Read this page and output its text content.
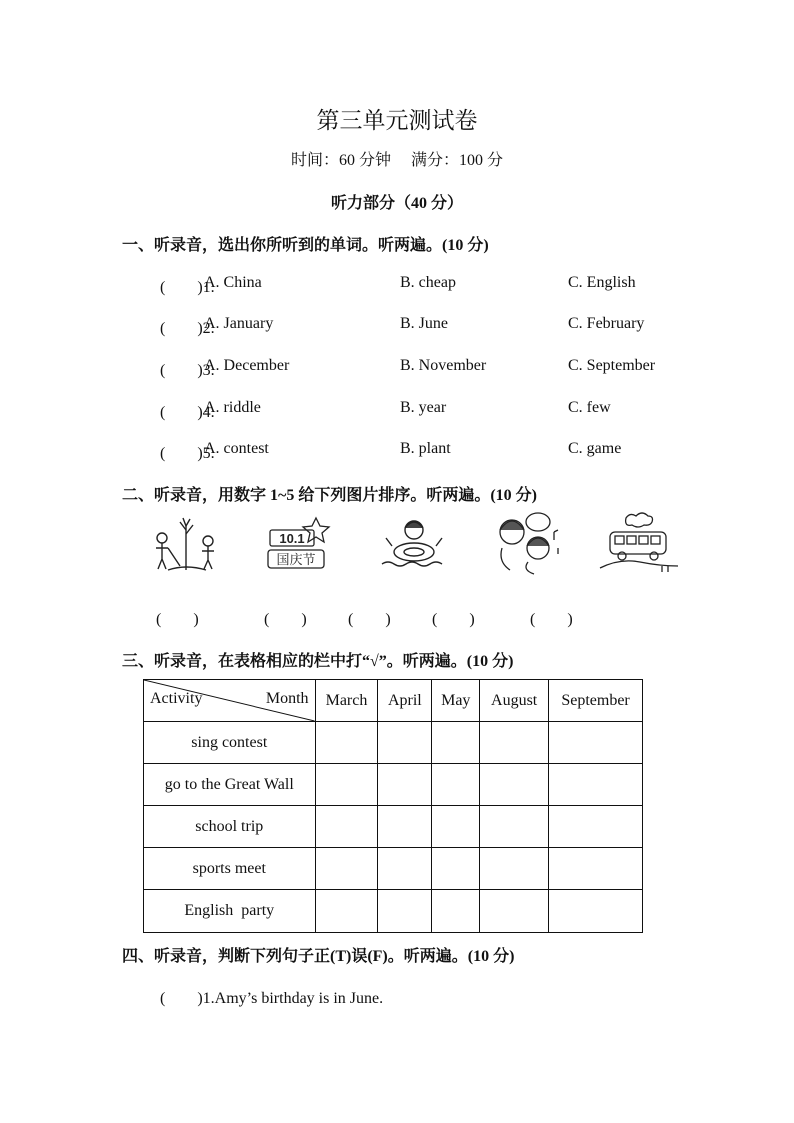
第三单元测试卷
时间：60 分钟 满分：100 分
听力部分（40 分）
一、听录音，选出你所听到的单词。听两遍。(10 分)
(　　)1.
A. China	B. cheap	C. English
(　　)2.
A. January	B. June	C. February
(　　)3.
A. December	B. November	C. September
(　　)4.
A. riddle	B. year	C. few
(　　)5.
A. contest	B. plant	C. game
二、听录音，用数字 1~5 给下列图片排序。听两遍。(10 分)
10.1
国庆节
(　　)	(　　)	(　　)	(　　)	(　　)
三、听录音，在表格相应的栏中打“√”。听两遍。(10 分)
Activity Month	March	April	May	August	September
sing contest					
go to the Great Wall					
school trip					
sports meet					
English  party					
四、听录音，判断下列句子正(T)误(F)。听两遍。(10 分)
(　　)1.Amy’s birthday is in June.
